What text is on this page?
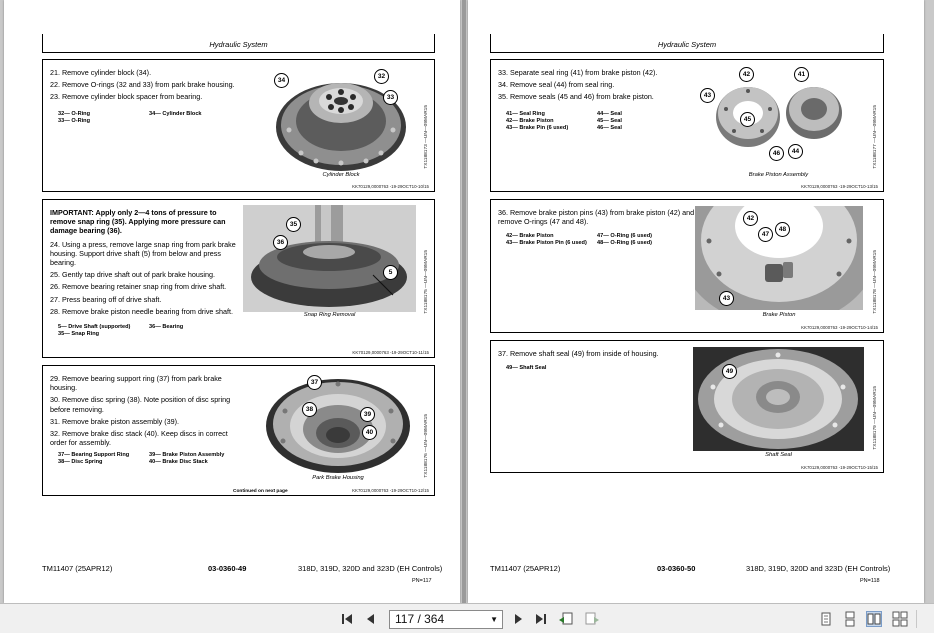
Hydraulic System
21. Remove cylinder block (34).
22. Remove O-rings (32 and 33) from park brake housing.
23. Remove cylinder block spacer from bearing.
32— O-Ring
33— O-Ring
34— Cylinder Block
34
32
33
Cylinder Block
TX1188173 —UN—09MAR15
KK70129,0000763 -19-29OCT10-10/15
IMPORTANT: Apply only 2—4 tons of pressure to remove snap ring (35). Applying more pressure can damage bearing (36).
24. Using a press, remove large snap ring from park brake housing. Support drive shaft (5) from below and press bearing.
25. Gently tap drive shaft out of park brake housing.
26. Remove bearing retainer snap ring from drive shaft.
27. Press bearing off of drive shaft.
28. Remove brake piston needle bearing from drive shaft.
5— Drive Shaft (supported)
35— Snap Ring
36— Bearing
35
36
5
Snap Ring Removal
TX1188175 —UN—09MAR15
KK70129,0000763 -19-29OCT10-11/15
29. Remove bearing support ring (37) from park brake housing.
30. Remove disc spring (38). Note position of disc spring before removing.
31. Remove brake piston assembly (39).
32. Remove brake disc stack (40). Keep discs in correct order for assembly.
37— Bearing Support Ring
38— Disc Spring
39— Brake Piston Assembly
40— Brake Disc Stack
37
38
39
40
Park Brake Housing
TX1188176 —UN—09MAR15
Continued on next page	KK70129,0000763 -19-29OCT10-12/15
TM11407 (25APR12)	03-0360-49	318D, 319D, 320D and 323D (EH Controls)
PN=117
Hydraulic System
33. Separate seal ring (41) from brake piston (42).
34. Remove seal (44) from seal ring.
35. Remove seals (45 and 46) from brake piston.
41— Seal Ring
42— Brake Piston
43— Brake Pin (6 used)
44— Seal
45— Seal
46— Seal
42	41
43
45
46	44
Brake Piston Assembly
TX1188177 —UN—09MAR15
KK70129,0000763 -19-29OCT10-13/15
36. Remove brake piston pins (43) from brake piston (42) and remove O-rings (47 and 48).
42— Brake Piston
43— Brake Piston Pin (6 used)
47— O-Ring (6 used)
48— O-Ring (6 used)
42
47
48
43
Brake Piston
TX1188178 —UN—09MAR15
KK70129,0000763 -19-29OCT10-14/15
37. Remove shaft seal (49) from inside of housing.
49— Shaft Seal	49
Shaft Seal
TX1188179 —UN—09MAR15
KK70129,0000763 -19-29OCT10-15/15
TM11407 (25APR12)	03-0360-50	318D, 319D, 320D and 323D (EH Controls)
PN=118
117 / 364	▼
